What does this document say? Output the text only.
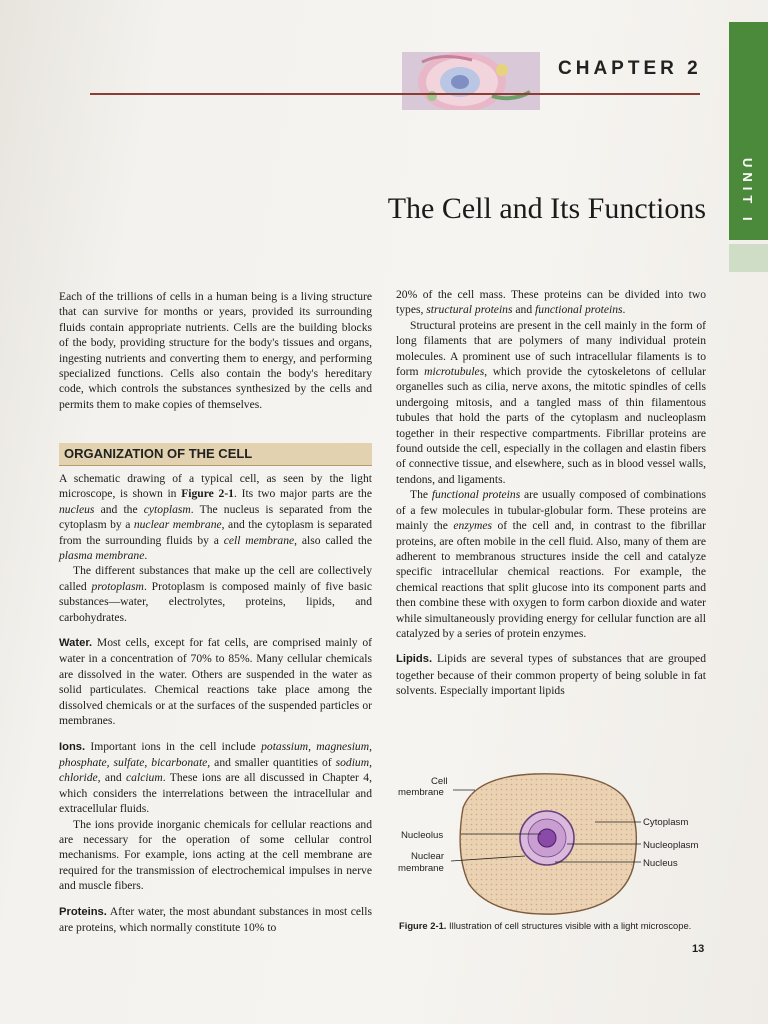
CHAPTER 2
UNIT I
The Cell and Its Functions

Each of the trillions of cells in a human being is a living structure that can survive for months or years, provided its surrounding fluids contain appropriate nutrients. Cells are the building blocks of the body, providing structure for the body's tissues and organs, ingesting nutrients and converting them to energy, and performing specialized functions. Cells also contain the body's hereditary code, which controls the substances synthesized by the cells and permits them to make copies of themselves.

ORGANIZATION OF THE CELL

A schematic drawing of a typical cell, as seen by the light microscope, is shown in Figure 2-1. Its two major parts are the nucleus and the cytoplasm. The nucleus is separated from the cytoplasm by a nuclear membrane, and the cytoplasm is separated from the surrounding fluids by a cell membrane, also called the plasma membrane.

The different substances that make up the cell are collectively called protoplasm. Protoplasm is composed mainly of five basic substances—water, electrolytes, proteins, lipids, and carbohydrates.

Water. Most cells, except for fat cells, are comprised mainly of water in a concentration of 70% to 85%. Many cellular chemicals are dissolved in the water. Others are suspended in the water as solid particulates. Chemical reactions take place among the dissolved chemicals or at the surfaces of the suspended particles or membranes.

Ions. Important ions in the cell include potassium, magnesium, phosphate, sulfate, bicarbonate, and smaller quantities of sodium, chloride, and calcium. These ions are all discussed in Chapter 4, which considers the interrelations between the intracellular and extracellular fluids.

The ions provide inorganic chemicals for cellular reactions and are necessary for the operation of some cellular control mechanisms. For example, ions acting at the cell membrane are required for the transmission of electrochemical impulses in nerve and muscle fibers.

Proteins. After water, the most abundant substances in most cells are proteins, which normally constitute 10% to

20% of the cell mass. These proteins can be divided into two types, structural proteins and functional proteins.

Structural proteins are present in the cell mainly in the form of long filaments that are polymers of many individual protein molecules. A prominent use of such intracellular filaments is to form microtubules, which provide the cytoskeletons of cellular organelles such as cilia, nerve axons, the mitotic spindles of cells undergoing mitosis, and a tangled mass of thin filamentous tubules that hold the parts of the cytoplasm and nucleoplasm together in their respective compartments. Fibrillar proteins are found outside the cell, especially in the collagen and elastin fibers of connective tissue, and elsewhere, such as in blood vessel walls, tendons, and ligaments.

The functional proteins are usually composed of combinations of a few molecules in tubular-globular form. These proteins are mainly the enzymes of the cell and, in contrast to the fibrillar proteins, are often mobile in the cell fluid. Also, many of them are adherent to membranous structures inside the cell and catalyze specific intracellular chemical reactions. For example, the chemical reactions that split glucose into its component parts and then combine these with oxygen to form carbon dioxide and water while simultaneously providing energy for cellular function are all catalyzed by a series of protein enzymes.

Lipids. Lipids are several types of substances that are grouped together because of their common property of being soluble in fat solvents. Especially important lipids

Cell
membrane
Nucleolus
Nuclear
membrane
Cytoplasm
Nucleoplasm
Nucleus
Figure 2-1. Illustration of cell structures visible with a light microscope.
13
